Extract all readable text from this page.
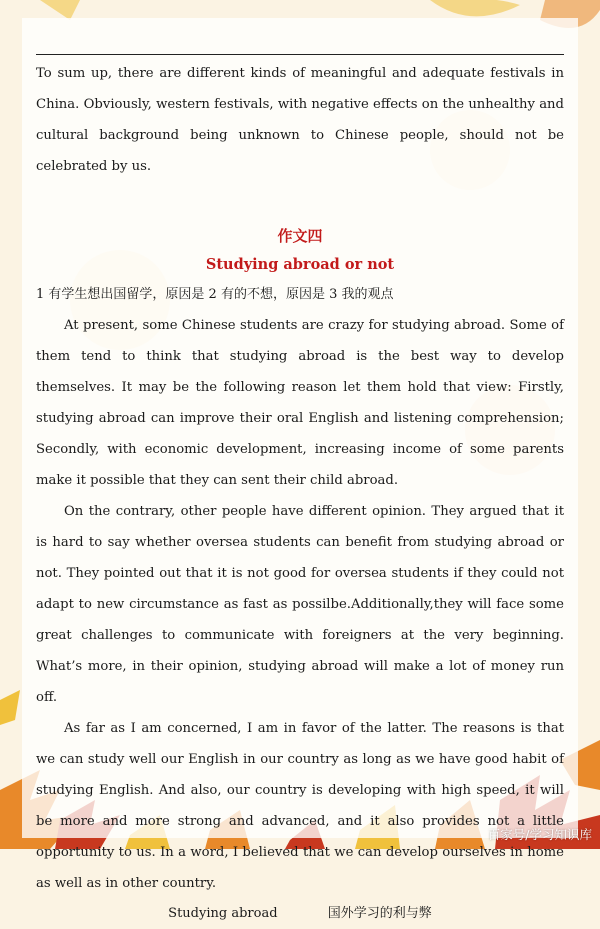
To sum up, there are different kinds of meaningful and adequate festivals in China. Obviously, western festivals, with negative effects on the unhealthy and cultural background being unknown to Chinese people, should not be celebrated by us.

作文四
Studying abroad or not

1 有学生想出国留学，原因是 2 有的不想，原因是 3 我的观点

At present, some Chinese students are crazy for studying abroad. Some of them tend to think that studying abroad is the best way to develop themselves. It may be the following reason let them hold that view: Firstly, studying abroad can improve their oral English and listening comprehension; Secondly, with economic development, increasing income of some parents make it possible that they can sent their child abroad.

On the contrary, other people have different opinion. They argued that it is hard to say whether oversea students can benefit from studying abroad or not. They pointed out that it is not good for oversea students if they could not adapt to new circumstance as fast as possilbe.Additionally,they will face some great challenges to communicate with foreigners at the very beginning. What’s more, in their opinion, studying abroad will make a lot of money run off.

As far as I am concerned, I am in favor of the latter. The reasons is that we can study well our English in our country as long as we have good habit of studying English. And also, our country is developing with high speed, it will be more and more strong and advanced, and it also provides not a little opportunity to us. In a word, I believed that we can develop ourselves in home as well as in other country.

Studying abroad	国外学习的利与弊
百家号/学习知识库
